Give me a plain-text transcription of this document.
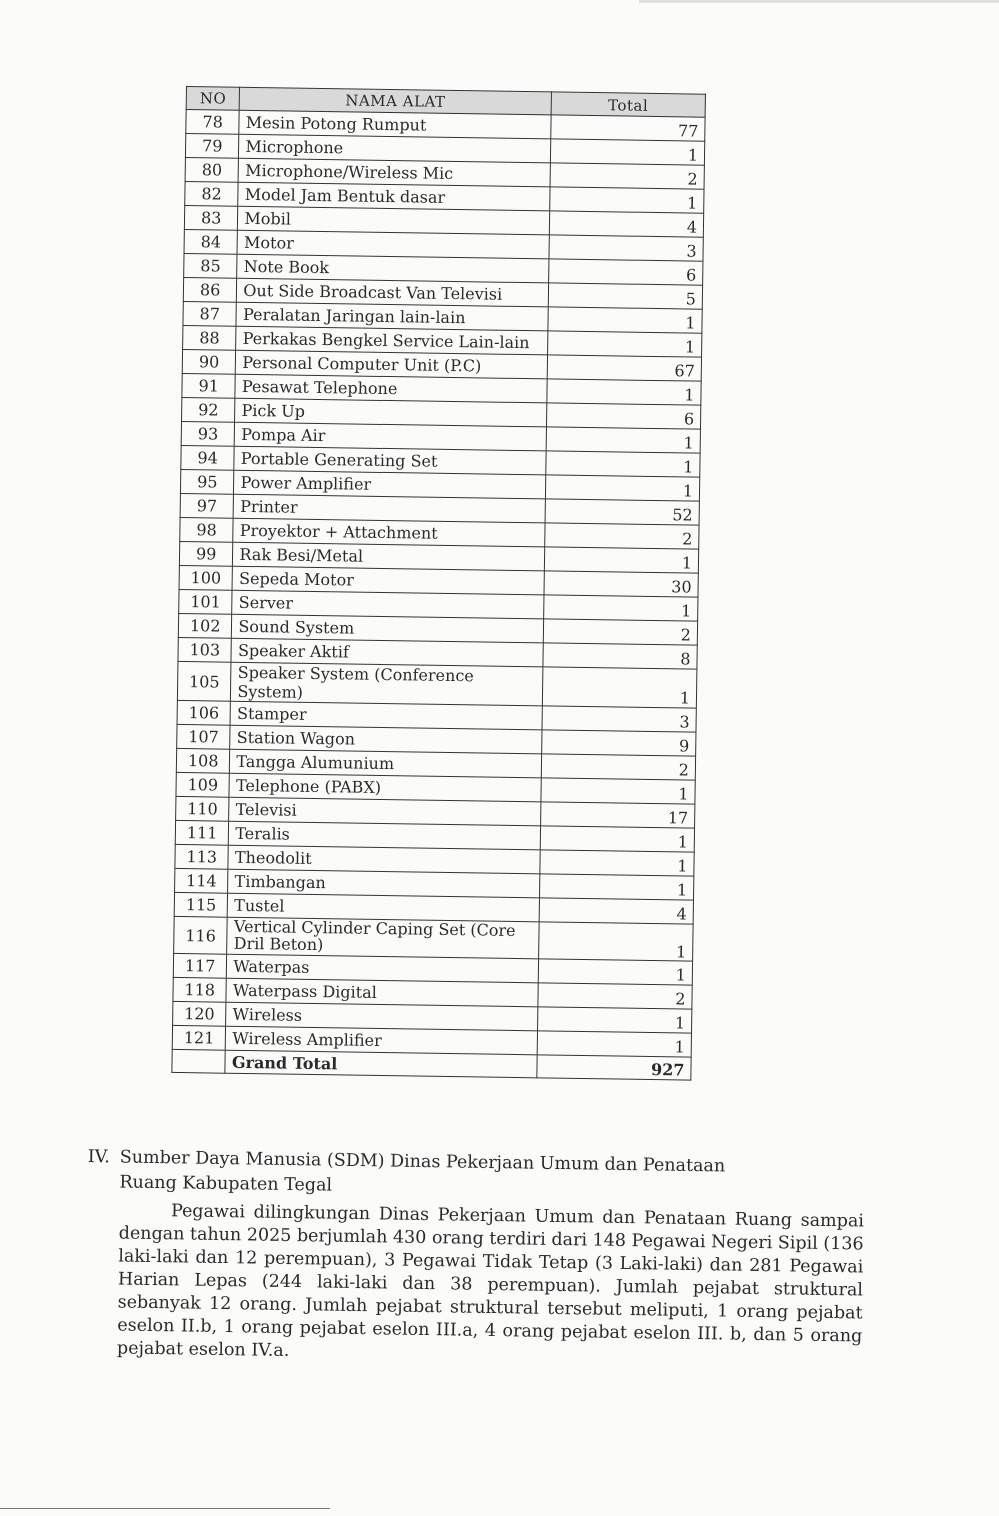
NO	NAMA ALAT	Total
78	Mesin Potong Rumput	77
79	Microphone	1
80	Microphone/Wireless Mic	2
82	Model Jam Bentuk dasar	1
83	Mobil	4
84	Motor	3
85	Note Book	6
86	Out Side Broadcast Van Televisi	5
87	Peralatan Jaringan lain-lain	1
88	Perkakas Bengkel Service Lain-lain	1
90	Personal Computer Unit (P.C)	67
91	Pesawat Telephone	1
92	Pick Up	6
93	Pompa Air	1
94	Portable Generating Set	1
95	Power Amplifier	1
97	Printer	52
98	Proyektor + Attachment	2
99	Rak Besi/Metal	1
100	Sepeda Motor	30
101	Server	1
102	Sound System	2
103	Speaker Aktif	8
105	Speaker System (Conference System)	1
106	Stamper	3
107	Station Wagon	9
108	Tangga Alumunium	2
109	Telephone (PABX)	1
110	Televisi	17
111	Teralis	1
113	Theodolit	1
114	Timbangan	1
115	Tustel	4
116	Vertical Cylinder Caping Set (Core Dril Beton)	1
117	Waterpas	1
118	Waterpass Digital	2
120	Wireless	1
121	Wireless Amplifier	1
	Grand Total	927
IV. Sumber Daya Manusia (SDM) Dinas Pekerjaan Umum dan Penataan Ruang Kabupaten Tegal
Pegawai dilingkungan Dinas Pekerjaan Umum dan Penataan Ruang sampai dengan tahun 2025 berjumlah 430 orang terdiri dari 148 Pegawai Negeri Sipil (136 laki-laki dan 12 perempuan), 3 Pegawai Tidak Tetap (3 Laki-laki) dan 281 Pegawai Harian Lepas (244 laki-laki dan 38 perempuan). Jumlah pejabat struktural sebanyak 12 orang. Jumlah pejabat struktural tersebut meliputi, 1 orang pejabat eselon II.b, 1 orang pejabat eselon III.a, 4 orang pejabat eselon III. b, dan 5 orang pejabat eselon IV.a.
